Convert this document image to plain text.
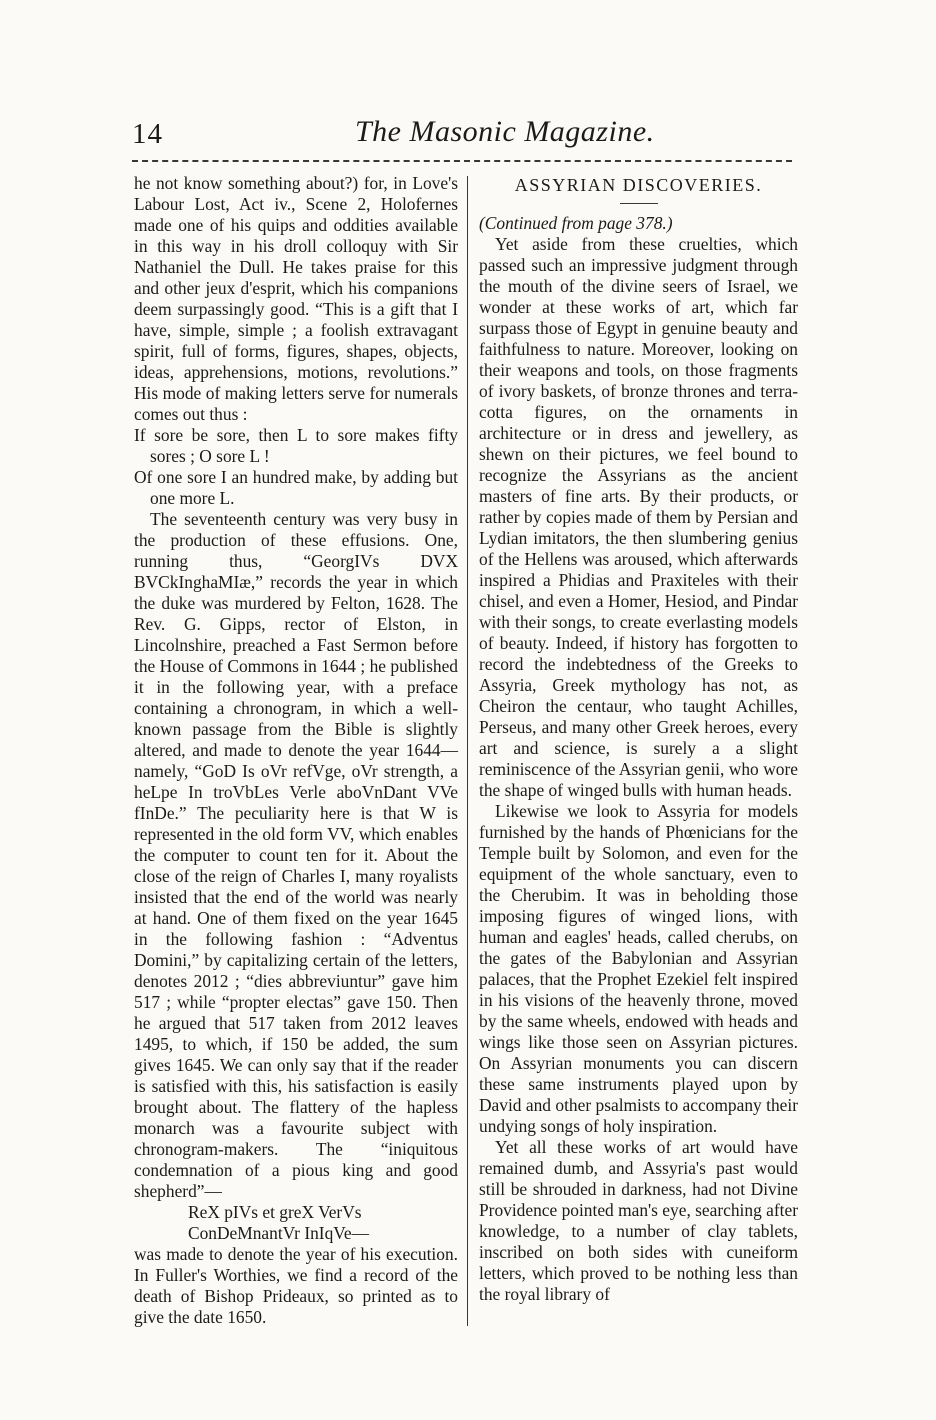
14	The Masonic Magazine.

he not know something about?) for, in Love's Labour Lost, Act iv., Scene 2, Holofernes made one of his quips and oddities available in this way in his droll colloquy with Sir Nathaniel the Dull. He takes praise for this and other jeux d'esprit, which his companions deem surpassingly good. “This is a gift that I have, simple, simple ; a foolish extravagant spirit, full of forms, figures, shapes, objects, ideas, apprehensions, motions, revolutions.” His mode of making letters serve for numerals comes out thus :

If sore be sore, then L to sore makes fifty sores ; O sore L !

Of one sore I an hundred make, by adding but one more L.

The seventeenth century was very busy in the production of these effusions. One, running thus, “GeorgIVs DVX BVCkInghaMIæ,” records the year in which the duke was murdered by Felton, 1628. The Rev. G. Gipps, rector of Elston, in Lincolnshire, preached a Fast Sermon before the House of Commons in 1644 ; he published it in the following year, with a preface containing a chronogram, in which a well-known passage from the Bible is slightly altered, and made to denote the year 1644—namely, “GoD Is oVr refVge, oVr strength, a heLpe In troVbLes Verle aboVnDant VVe fInDe.” The peculiarity here is that W is represented in the old form VV, which enables the computer to count ten for it. About the close of the reign of Charles I, many royalists insisted that the end of the world was nearly at hand. One of them fixed on the year 1645 in the following fashion : “Adventus Domini,” by capitalizing certain of the letters, denotes 2012 ; “dies abbreviuntur” gave him 517 ; while “propter electas” gave 150. Then he argued that 517 taken from 2012 leaves 1495, to which, if 150 be added, the sum gives 1645. We can only say that if the reader is satisfied with this, his satisfaction is easily brought about. The flattery of the hapless monarch was a favourite subject with chronogram-makers. The “iniquitous condemnation of a pious king and good shepherd”—

ReX pIVs et greX VerVs

ConDeMnantVr InIqVe—

was made to denote the year of his execution. In Fuller's Worthies, we find a record of the death of Bishop Prideaux, so printed as to give the date 1650.

ASSYRIAN DISCOVERIES.

(Continued from page 378.)

Yet aside from these cruelties, which passed such an impressive judgment through the mouth of the divine seers of Israel, we wonder at these works of art, which far surpass those of Egypt in genuine beauty and faithfulness to nature. Moreover, looking on their weapons and tools, on those fragments of ivory baskets, of bronze thrones and terra-cotta figures, on the ornaments in architecture or in dress and jewellery, as shewn on their pictures, we feel bound to recognize the Assyrians as the ancient masters of fine arts. By their products, or rather by copies made of them by Persian and Lydian imitators, the then slumbering genius of the Hellens was aroused, which afterwards inspired a Phidias and Praxiteles with their chisel, and even a Homer, Hesiod, and Pindar with their songs, to create everlasting models of beauty. Indeed, if history has forgotten to record the indebtedness of the Greeks to Assyria, Greek mythology has not, as Cheiron the centaur, who taught Achilles, Perseus, and many other Greek heroes, every art and science, is surely a a slight reminiscence of the Assyrian genii, who wore the shape of winged bulls with human heads.

Likewise we look to Assyria for models furnished by the hands of Phœnicians for the Temple built by Solomon, and even for the equipment of the whole sanctuary, even to the Cherubim. It was in beholding those imposing figures of winged lions, with human and eagles' heads, called cherubs, on the gates of the Babylonian and Assyrian palaces, that the Prophet Ezekiel felt inspired in his visions of the heavenly throne, moved by the same wheels, endowed with heads and wings like those seen on Assyrian pictures. On Assyrian monuments you can discern these same instruments played upon by David and other psalmists to accompany their undying songs of holy inspiration.

Yet all these works of art would have remained dumb, and Assyria's past would still be shrouded in darkness, had not Divine Providence pointed man's eye, searching after knowledge, to a number of clay tablets, inscribed on both sides with cuneiform letters, which proved to be nothing less than the royal library of
